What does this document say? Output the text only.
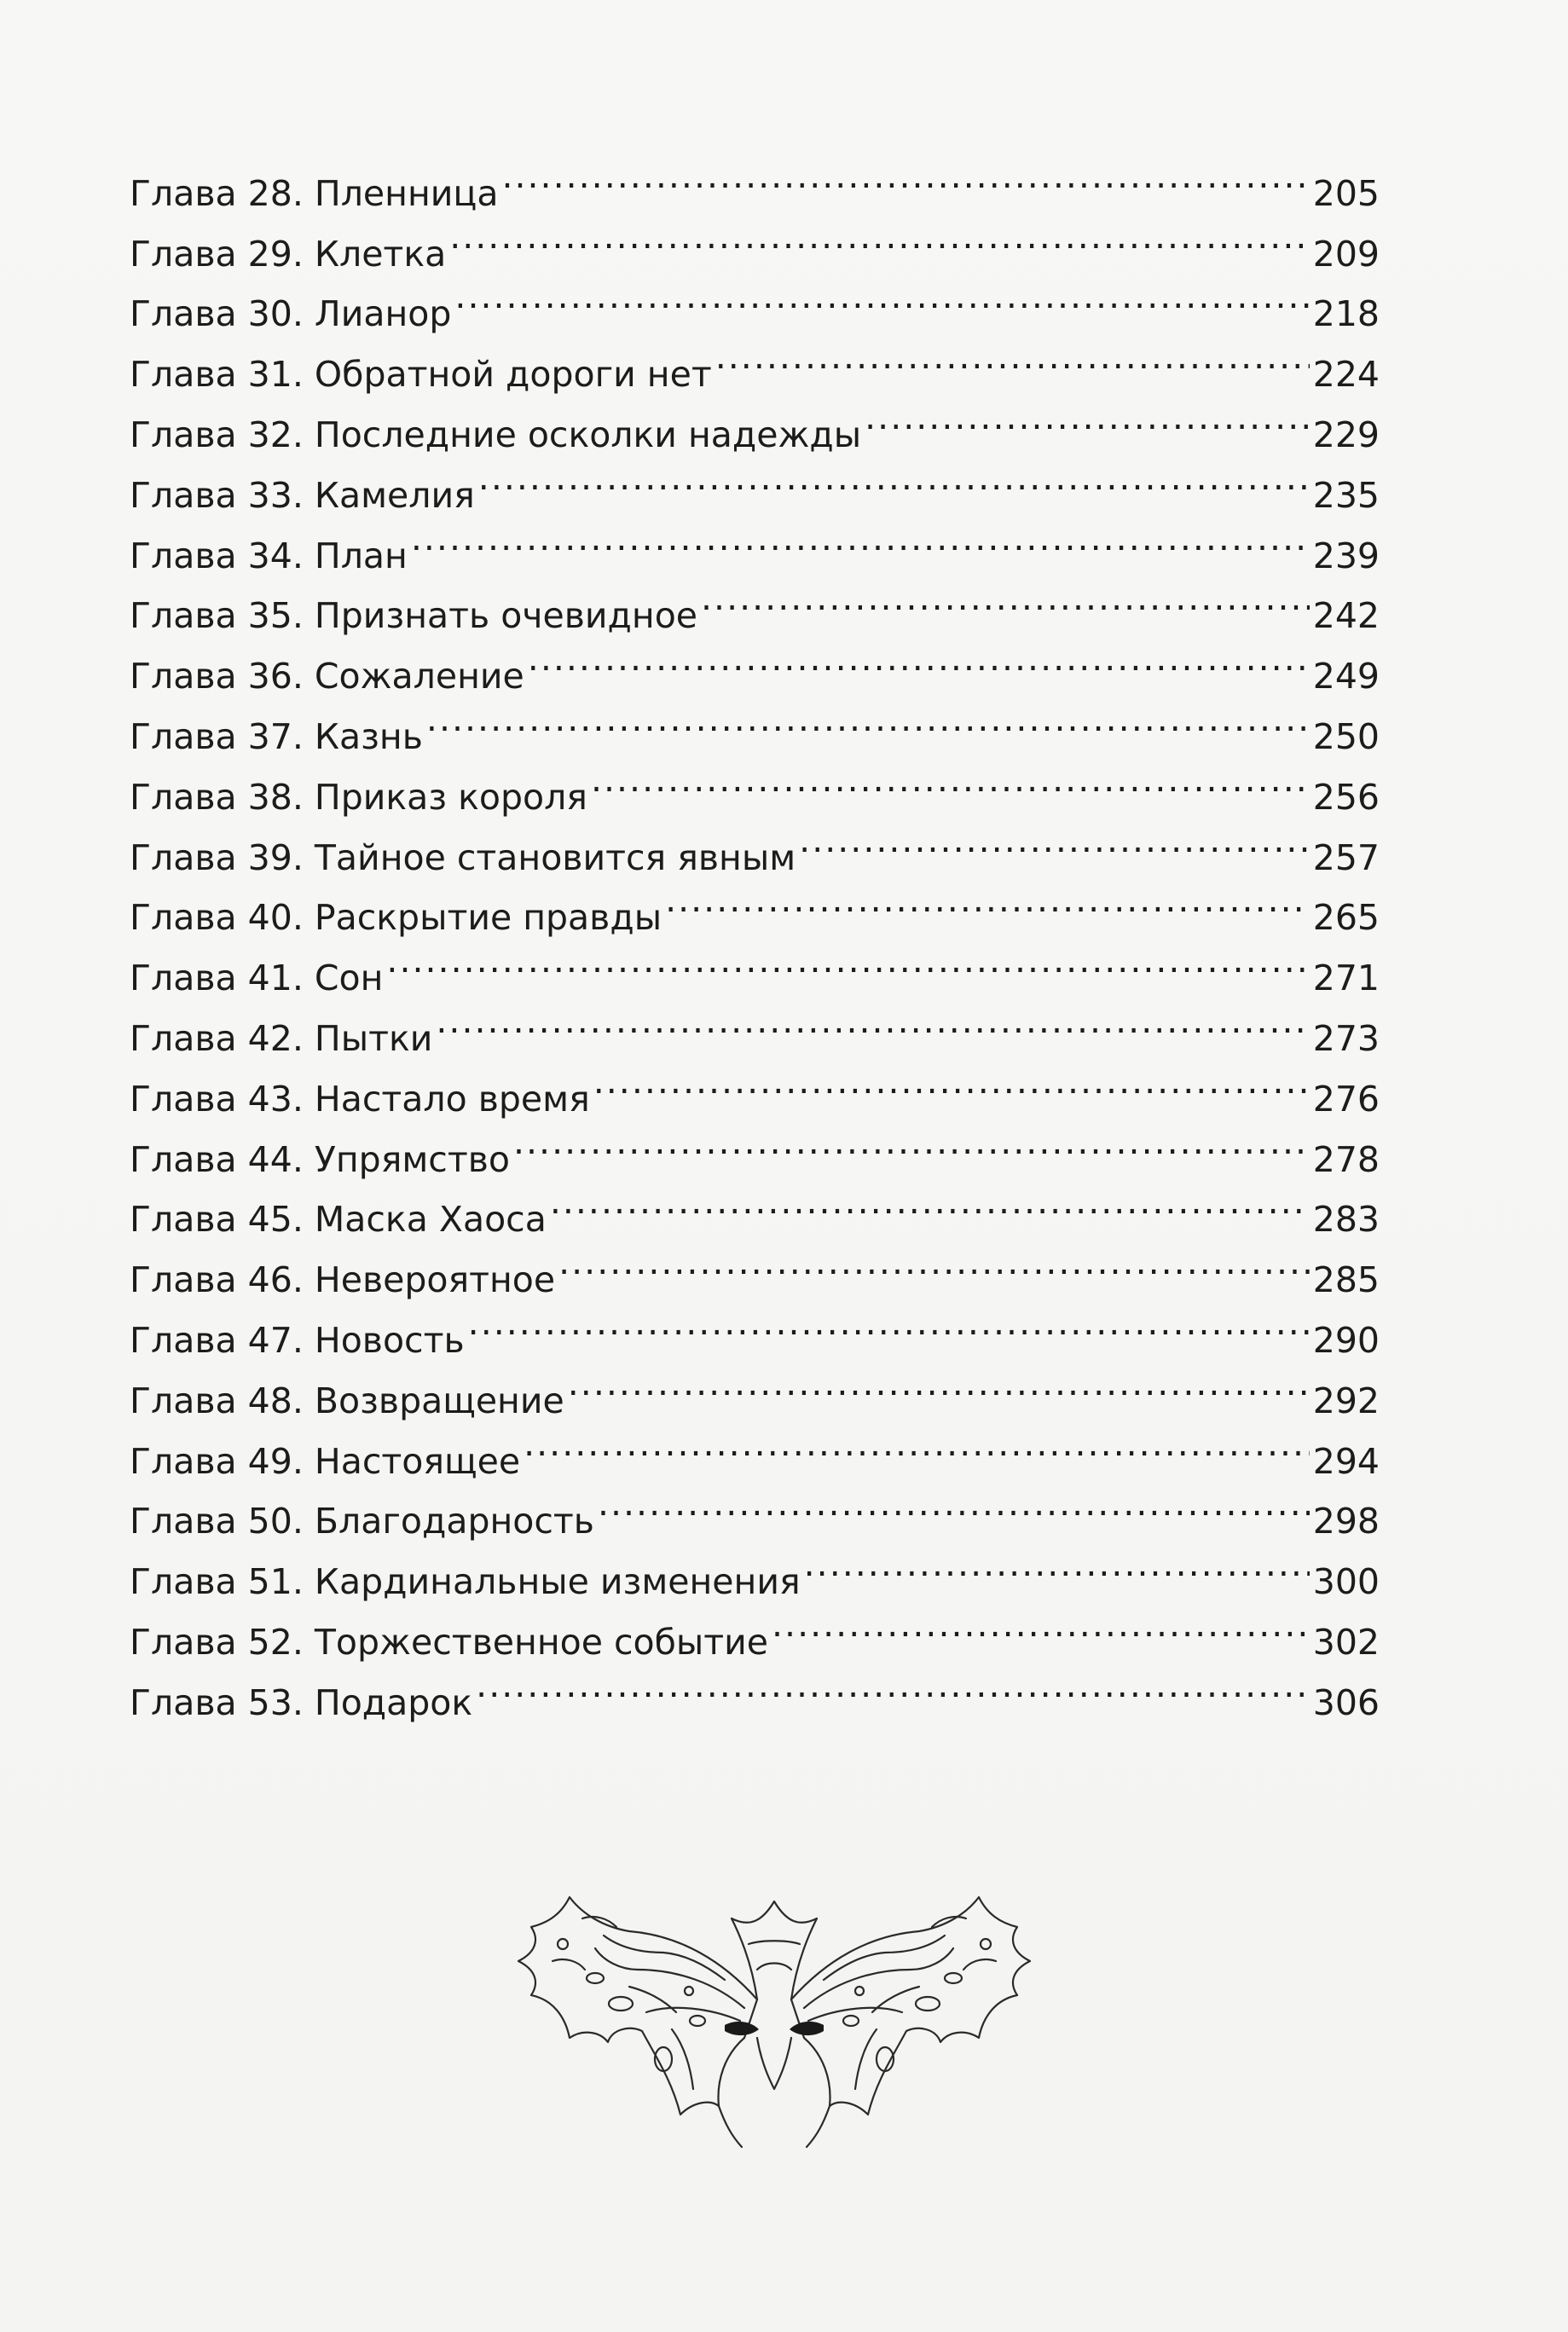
Глава 28. Пленница .....	205
Глава 29. Клетка .....	209
Глава 30. Лианор .....	218
Глава 31. Обратной дороги нет .....	224
Глава 32. Последние осколки надежды .....	229
Глава 33. Камелия .....	235
Глава 34. План .....	239
Глава 35. Признать очевидное .....	242
Глава 36. Сожаление .....	249
Глава 37. Казнь .....	250
Глава 38. Приказ короля .....	256
Глава 39. Тайное становится явным .....	257
Глава 40. Раскрытие правды .....	265
Глава 41. Сон .....	271
Глава 42. Пытки .....	273
Глава 43. Настало время .....	276
Глава 44. Упрямство .....	278
Глава 45. Маска Хаоса .....	283
Глава 46. Невероятное .....	285
Глава 47. Новость .....	290
Глава 48. Возвращение .....	292
Глава 49. Настоящее .....	294
Глава 50. Благодарность .....	298
Глава 51. Кардинальные изменения .....	300
Глава 52. Торжественное событие .....	302
Глава 53. Подарок .....	306
